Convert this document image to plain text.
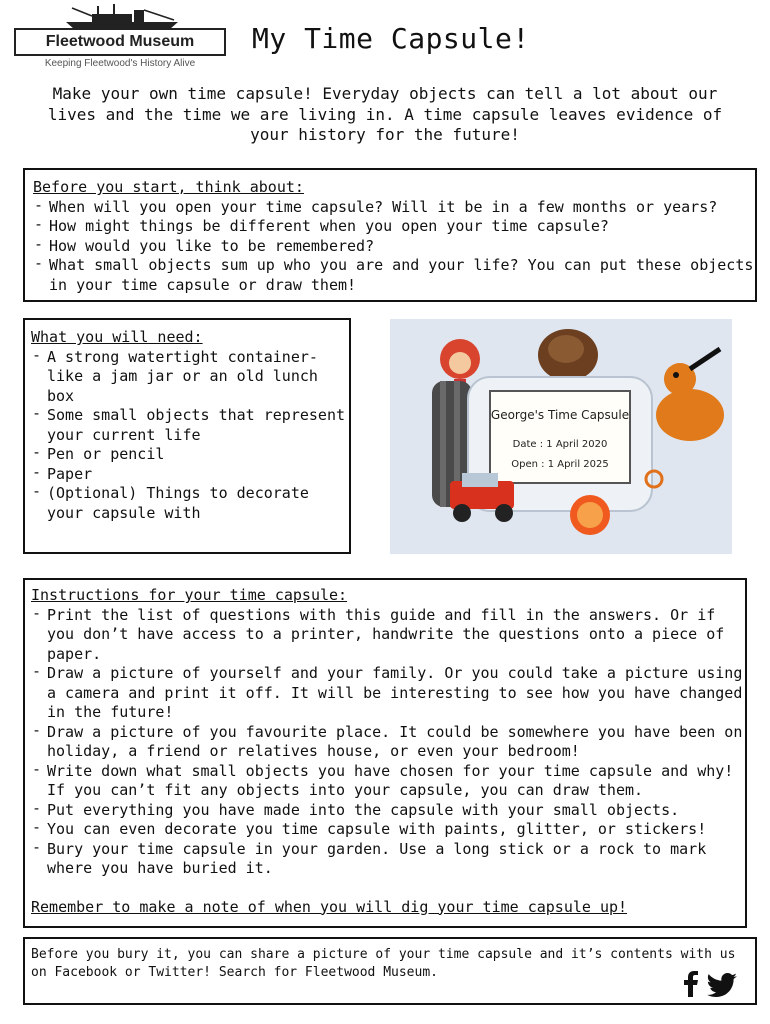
Fleetwood Museum
Keeping Fleetwood's History Alive
My Time Capsule!
Make your own time capsule! Everyday objects can tell a lot about our lives and the time we are living in. A time capsule leaves evidence of your history for the future!
Before you start, think about:
- When will you open your time capsule? Will it be in a few months or years?
- How might things be different when you open your time capsule?
- How would you like to be remembered?
- What small objects sum up who you are and your life? You can put these objects in your time capsule or draw them!
What you will need:
- A strong watertight container- like a jam jar or an old lunch box
- Some small objects that represent your current life
- Pen or pencil
- Paper
- (Optional) Things to decorate your capsule with
George's Time Capsule
Date : 1 April 2020
Open : 1 April 2025
Instructions for your time capsule:
- Print the list of questions with this guide and fill in the answers. Or if you don’t have access to a printer, handwrite the questions onto a piece of paper.
- Draw a picture of yourself and your family. Or you could take a picture using a camera and print it off. It will be interesting to see how you have changed in the future!
- Draw a picture of you favourite place. It could be somewhere you have been on holiday, a friend or relatives house, or even your bedroom!
- Write down what small objects you have chosen for your time capsule and why! If you can’t fit any objects into your capsule, you can draw them.
- Put everything you have made into the capsule with your small objects.
- You can even decorate you time capsule with paints, glitter, or stickers!
- Bury your time capsule in your garden. Use a long stick or a rock to mark where you have buried it.
Remember to make a note of when you will dig your time capsule up!
Before you bury it, you can share a picture of your time capsule and it’s contents with us on Facebook or Twitter! Search for Fleetwood Museum.
